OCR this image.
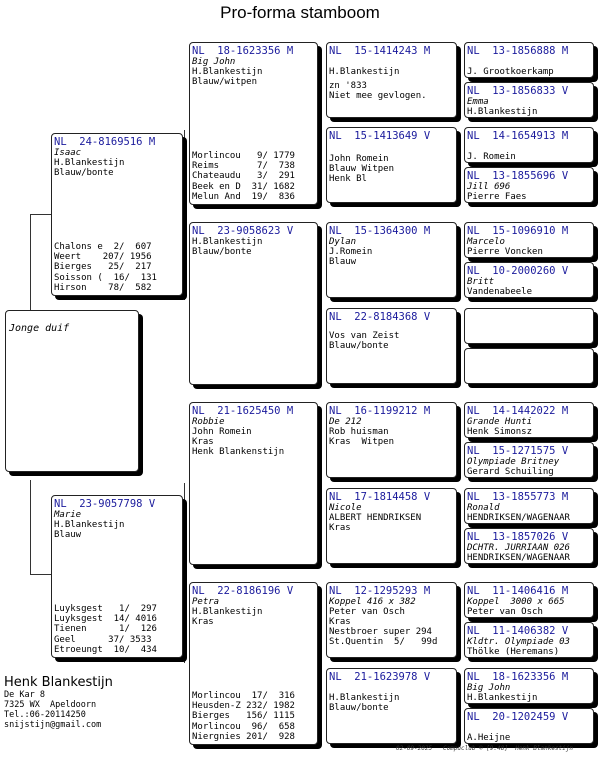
Pro-forma stamboom
Jonge duif
NL  24-8169516 M
Isaac
H.Blankestijn
Blauw/bonte
Chalons e  2/  607
Weert    207/ 1956
Bierges   25/  217
Soisson (  16/  131
Hirson    78/  582
NL  23-9057798 V
Marie
H.Blankestijn
Blauw
Luyksgest   1/  297
Luyksgest  14/ 4016
Tienen      1/  126
Geel      37/ 3533
Etroeungt  10/  434
NL  18-1623356 M
Big John
H.Blankestijn
Blauw/witpen
Morlincou   9/ 1779
Reims       7/  738
Chateaudu   3/  291
Beek en D  31/ 1682
Melun And  19/  836
NL  23-9058623 V
H.Blankestijn
Blauw/bonte
NL  21-1625450 M
Robbie
John Romein
Kras
Henk Blankenstijn
NL  22-8186196 V
Petra
H.Blankestijn
Kras
Morlincou  17/  316
Heusden-Z 232/ 1982
Bierges   156/ 1115
Morlincou  96/  658
Niergnies 201/  928
NL  15-1414243 M
H.Blankestijn
zn '833
Niet mee gevlogen.
NL  15-1413649 V
John Romein
Blauw Witpen
Henk Bl
NL  15-1364300 M
Dylan
J.Romein
Blauw
NL  22-8184368 V
Vos van Zeist
Blauw/bonte
NL  16-1199212 M
De 212
Rob huisman
Kras  Witpen
NL  17-1814458 V
Nicole
ALBERT HENDRIKSEN
Kras
NL  12-1295293 M
Koppel 416 x 382
Peter van Osch
Kras
Nestbroer super 294
St.Quentin  5/   99d
NL  21-1623978 V
H.Blankestijn
Blauw/bonte
NL  13-1856888 M
J. Grootkoerkamp
NL  13-1856833 V
Emma
H.Blankestijn
NL  14-1654913 M
J. Romein
NL  13-1855696 V
Jill 696
Pierre Faes
NL  15-1096910 M
Marcelo
Pierre Voncken
NL  10-2000260 V
Britt
Vandenabeele
NL  14-1442022 M
Grande Hunti
Henk Simonsz
NL  15-1271575 V
Olympiade Britney
Gerard Schuiling
NL  13-1855773 M
Ronald
HENDRIKSEN/WAGENAAR
NL  13-1857026 V
DCHTR. JURRIAAN 026
HENDRIKSEN/WAGENAAR
NL  11-1406416 M
Koppel  3000 x 665
Peter van Osch
NL  11-1406382 V
Kldtr. Olympiade 03
Thölke (Heremans)
NL  18-1623356 M
Big John
H.Blankestijn
NL  20-1202459 V
A.Heijne
Henk Blankestijn
De Kar 8
7325 WX  Apeldoorn
Tel.:06-20114250
snijstijn@gmail.com
02-09-2025   Compuclub © [9.48]  Henk Blankestijn
